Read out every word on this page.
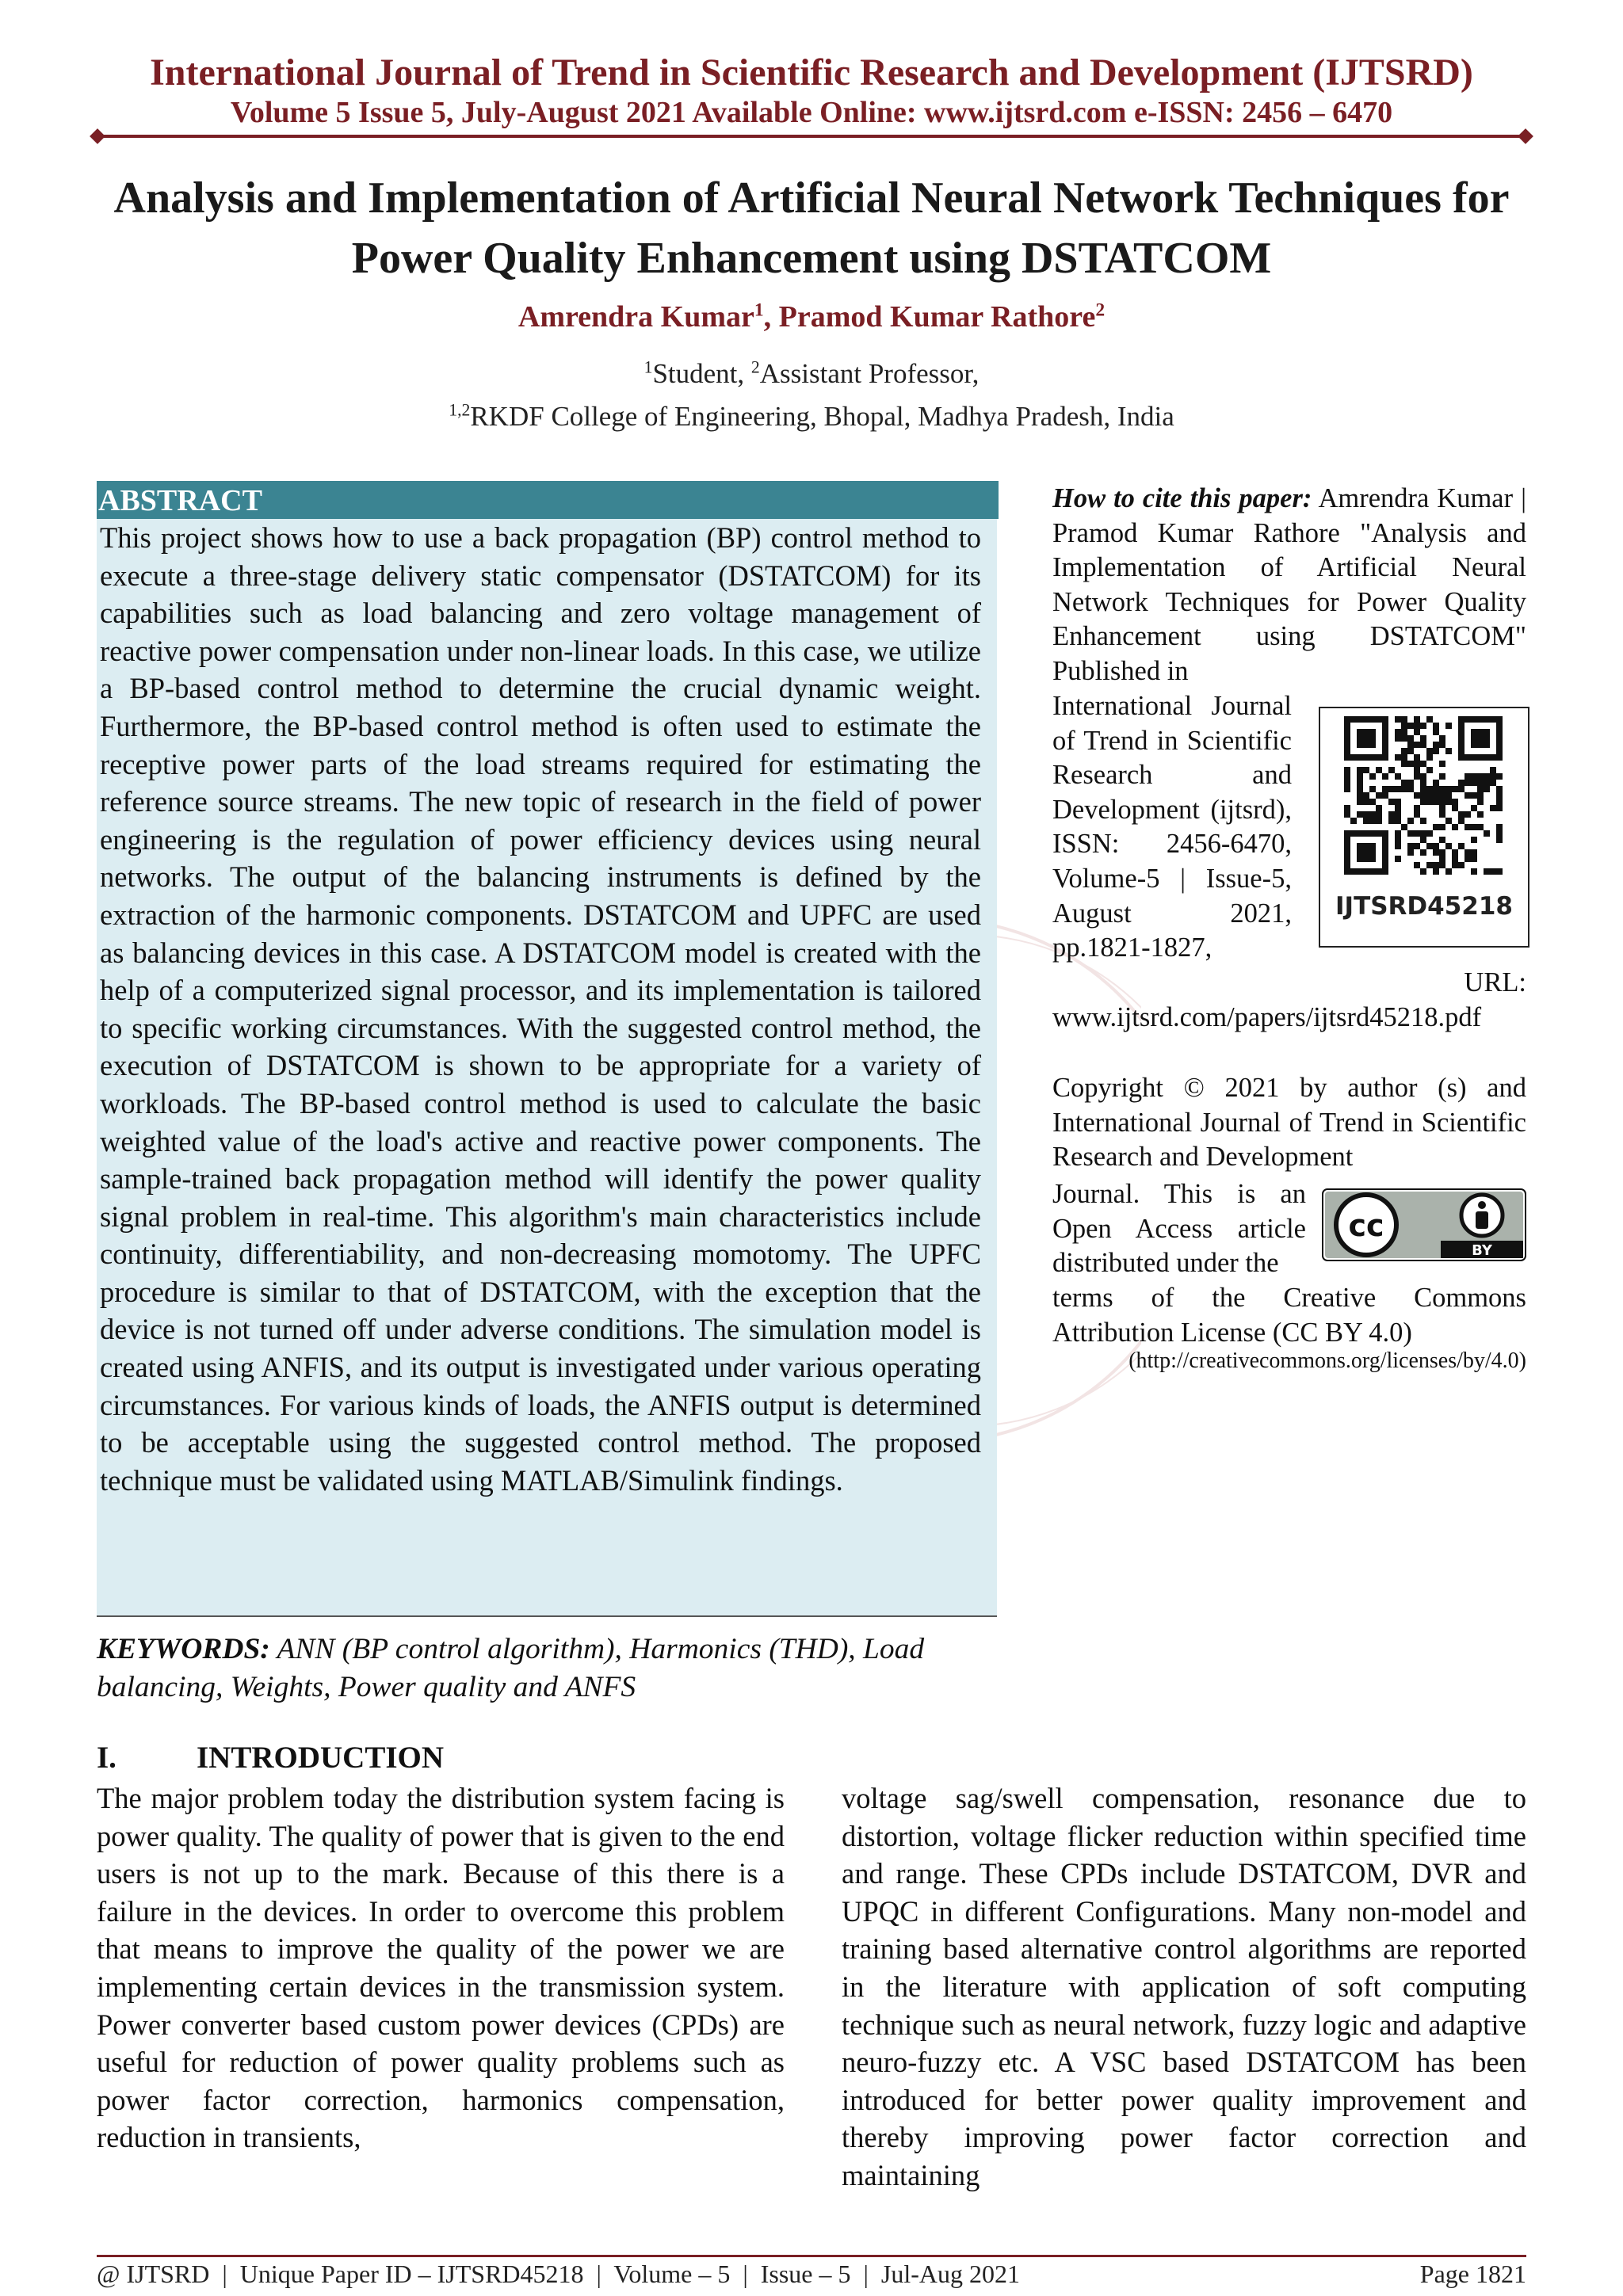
International Journal of Trend in Scientific Research and Development (IJTSRD)
Volume 5 Issue 5, July-August 2021 Available Online: www.ijtsrd.com e-ISSN: 2456 – 6470
Analysis and Implementation of Artificial Neural Network Techniques for Power Quality Enhancement using DSTATCOM
Amrendra Kumar$^1$, Pramod Kumar Rathore$^2$
$^1$Student, $^2$Assistant Professor,
$^{1,2}$RKDF College of Engineering, Bhopal, Madhya Pradesh, India
ABSTRACT
This project shows how to use a back propagation (BP) control method to execute a three-stage delivery static compensator (DSTATCOM) for its capabilities such as load balancing and zero voltage management of reactive power compensation under non-linear loads. In this case, we utilize a BP-based control method to determine the crucial dynamic weight. Furthermore, the BP-based control method is often used to estimate the receptive power parts of the load streams required for estimating the reference source streams. The new topic of research in the field of power engineering is the regulation of power efficiency devices using neural networks. The output of the balancing instruments is defined by the extraction of the harmonic components. DSTATCOM and UPFC are used as balancing devices in this case. A DSTATCOM model is created with the help of a computerized signal processor, and its implementation is tailored to specific working circumstances. With the suggested control method, the execution of DSTATCOM is shown to be appropriate for a variety of workloads. The BP-based control method is used to calculate the basic weighted value of the load's active and reactive power components. The sample-trained back propagation method will identify the power quality signal problem in real-time. This algorithm's main characteristics include continuity, differentiability, and non-decreasing momotomy. The UPFC procedure is similar to that of DSTATCOM, with the exception that the device is not turned off under adverse conditions. The simulation model is created using ANFIS, and its output is investigated under various operating circumstances. For various kinds of loads, the ANFIS output is determined to be acceptable using the suggested control method. The proposed technique must be validated using MATLAB/Simulink findings.
How to cite this paper: Amrendra Kumar | Pramod Kumar Rathore "Analysis and Implementation of Artificial Neural Network Techniques for Power Quality Enhancement using DSTATCOM" Published in
International Journal of Trend in Scientific Research and Development (ijtsrd), ISSN: 2456-6470, Volume-5 | Issue-5, August 2021, pp.1821-1827,
URL:
www.ijtsrd.com/papers/ijtsrd45218.pdf
IJTSRD45218
Copyright © 2021 by author (s) and International Journal of Trend in Scientific Research and Development
Journal. This is an Open Access article distributed under the
cc
BY
terms of the Creative Commons Attribution License (CC BY 4.0)
(http://creativecommons.org/licenses/by/4.0)
KEYWORDS: ANN (BP control algorithm), Harmonics (THD), Load balancing, Weights, Power quality and ANFS
I.	INTRODUCTION
The major problem today the distribution system facing is power quality. The quality of power that is given to the end users is not up to the mark. Because of this there is a failure in the devices. In order to overcome this problem that means to improve the quality of the power we are implementing certain devices in the transmission system. Power converter based custom power devices (CPDs) are useful for reduction of power quality problems such as power factor correction, harmonics compensation, reduction in transients,
voltage sag/swell compensation, resonance due to distortion, voltage flicker reduction within specified time and range. These CPDs include DSTATCOM, DVR and UPQC in different Configurations. Many non-model and training based alternative control algorithms are reported in the literature with application of soft computing technique such as neural network, fuzzy logic and adaptive neuro-fuzzy etc. A VSC based DSTATCOM has been introduced for better power quality improvement and thereby improving power factor correction and maintaining
@ IJTSRD  |  Unique Paper ID – IJTSRD45218  |  Volume – 5  |  Issue – 5  |  Jul-Aug 2021	Page 1821
